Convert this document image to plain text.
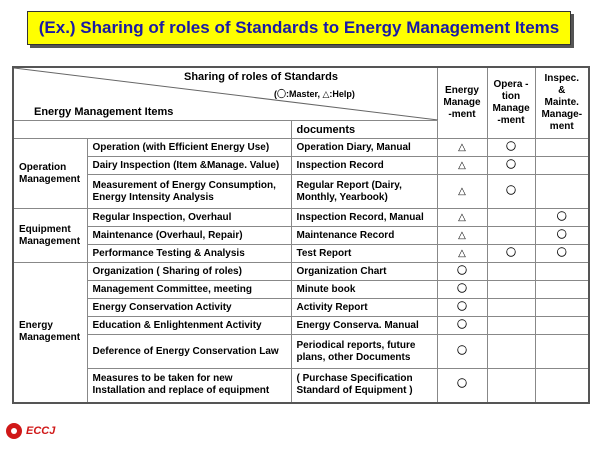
(Ex.) Sharing of roles of Standards to Energy Management Items
Sharing of roles of Standards
(〇:Master, △:Help)
Energy Management Items			Energy Manage -ment	Opera -tion Manage -ment	Inspec. & Mainte. Manage- ment
		documents			
Operation Management	Operation (with Efficient Energy Use)	Operation Diary, Manual	△	〇	
	Dairy Inspection (Item &Manage. Value)	Inspection Record	△	〇	
	Measurement of Energy Consumption, Energy Intensity Analysis	Regular Report (Dairy, Monthly, Yearbook)	△	〇	
Equipment Management	Regular Inspection, Overhaul	Inspection Record, Manual	△		〇
	Maintenance (Overhaul, Repair)	Maintenance Record	△		〇
	Performance Testing & Analysis	Test Report	△	〇	〇
Energy Management	Organization ( Sharing of roles)	Organization Chart	〇		
	Management Committee, meeting	Minute book	〇		
	Energy Conservation Activity	Activity Report	〇		
	Education & Enlightenment Activity	Energy Conserva. Manual	〇		
	Deference of Energy Conservation Law	Periodical reports, future plans, other Documents	〇		
	Measures to be taken for new Installation and replace of equipment	( Purchase Specification Standard of Equipment )	〇		
ECCJ
